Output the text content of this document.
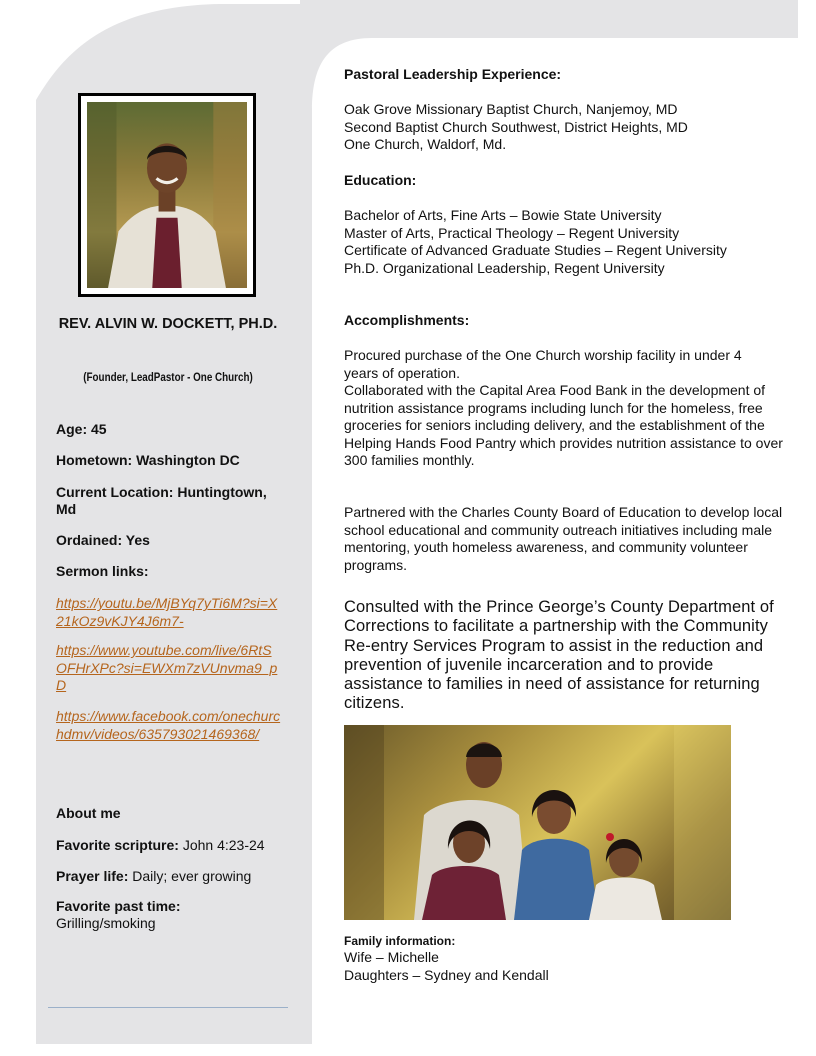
REV. ALVIN W. DOCKETT, PH.D.
(Founder, LeadPastor - One Church)
Age: 45
Hometown: Washington DC
Current Location: Huntingtown, Md
Ordained: Yes
Sermon links:
https://youtu.be/MjBYq7yTi6M?si=X21kOz9vKJY4J6m7-
https://www.youtube.com/live/6RtSOFHrXPc?si=EWXm7zVUnvma9_pD
https://www.facebook.com/onechurchdmv/videos/635793021469368/
About me
Favorite scripture: John 4:23-24
Prayer life: Daily; ever growing
Favorite past time:
Grilling/smoking
Pastoral Leadership Experience:
Oak Grove Missionary Baptist Church, Nanjemoy, MD
Second Baptist Church Southwest, District Heights, MD
One Church, Waldorf, Md.
Education:
Bachelor of Arts, Fine Arts – Bowie State University
Master of Arts, Practical Theology – Regent University
Certificate of Advanced Graduate Studies – Regent University
Ph.D. Organizational Leadership, Regent University
Accomplishments:
Procured purchase of the One Church worship facility in under 4 years of operation.
Collaborated with the Capital Area Food Bank in the development of nutrition assistance programs including lunch for the homeless, free groceries for seniors including delivery, and the establishment of the Helping Hands Food Pantry which provides nutrition assistance to over 300 families monthly.
Partnered with the Charles County Board of Education to develop local school educational and community outreach initiatives including male mentoring, youth homeless awareness, and community volunteer programs.
Consulted with the Prince George’s County Department of Corrections to facilitate a partnership with the Community Re-entry Services Program to assist in the reduction and prevention of juvenile incarceration and to provide assistance to families in need of assistance for returning citizens.
Family information:
Wife – Michelle
Daughters – Sydney and Kendall
